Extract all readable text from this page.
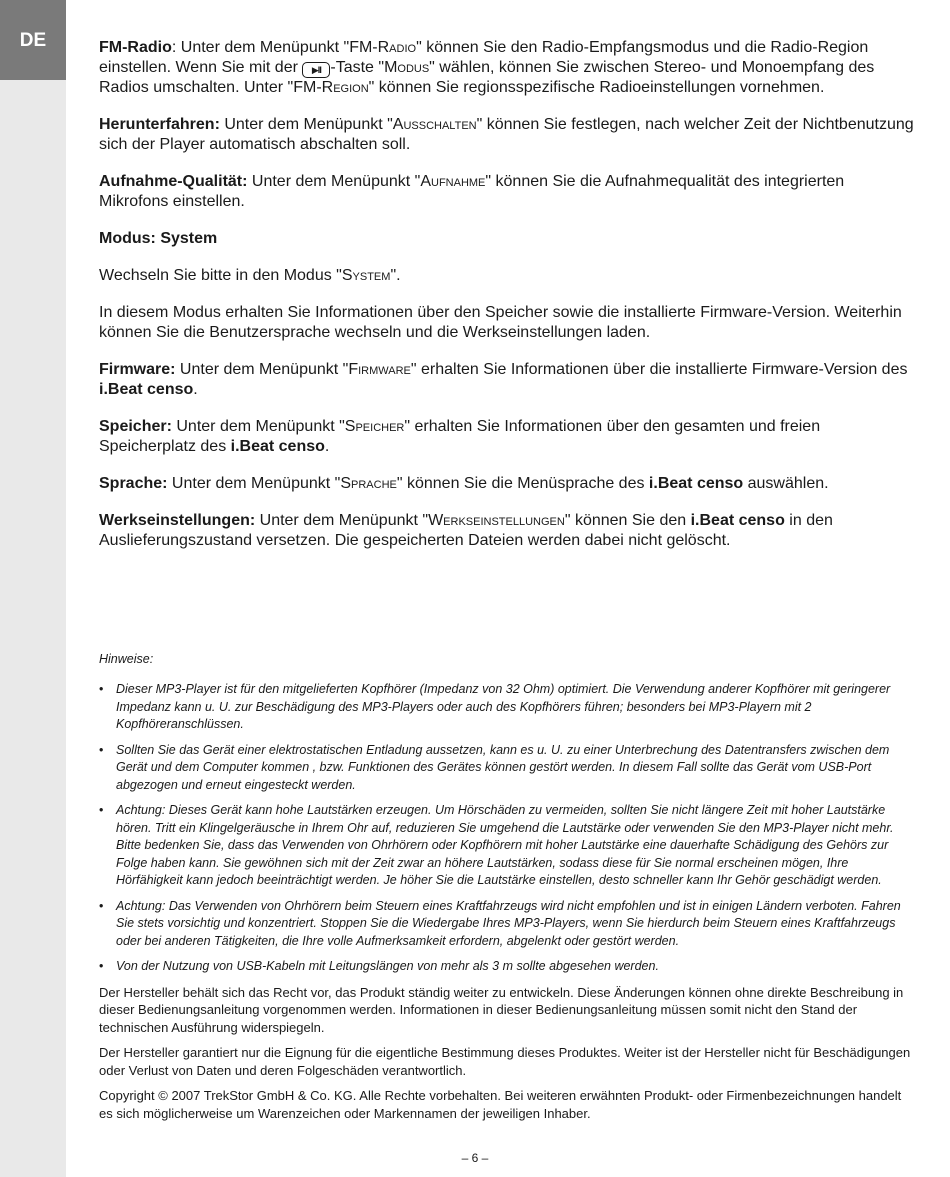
DE	FM-Radio: Unter dem Menüpunkt "FM-Radio" können Sie den Radio-Empfangsmodus und die Radio-Region einstellen. Wenn Sie mit der ▶II -Taste "Modus" wählen, können Sie zwischen Stereo- und Monoempfang des Radios umschalten. Unter "FM-Region" können Sie regionsspezifische Radioeinstellungen vornehmen.

Herunterfahren: Unter dem Menüpunkt "Ausschalten" können Sie festlegen, nach welcher Zeit der Nichtbenutzung sich der Player automatisch abschalten soll.

Aufnahme-Qualität: Unter dem Menüpunkt "Aufnahme" können Sie die Aufnahmequalität des integrierten Mikrofons einstellen.

Modus: System

Wechseln Sie bitte in den Modus "System".

In diesem Modus erhalten Sie Informationen über den Speicher sowie die installierte Firmware-Version. Weiterhin können Sie die Benutzersprache wechseln und die Werkseinstellungen laden.

Firmware: Unter dem Menüpunkt "Firmware" erhalten Sie Informationen über die installierte Firmware-Version des i.Beat censo.

Speicher: Unter dem Menüpunkt "Speicher" erhalten Sie Informationen über den gesamten und freien Speicherplatz des i.Beat censo.

Sprache: Unter dem Menüpunkt "Sprache" können Sie die Menüsprache des i.Beat censo auswählen.

Werkseinstellungen: Unter dem Menüpunkt "Werkseinstellungen" können Sie den i.Beat censo in den Auslieferungszustand versetzen. Die gespeicherten Dateien werden dabei nicht gelöscht.

Hinweise:

• Dieser MP3-Player ist für den mitgelieferten Kopfhörer (Impedanz von 32 Ohm) optimiert. Die Verwendung anderer Kopfhörer mit geringerer Impedanz kann u. U. zur Beschädigung des MP3-Players oder auch des Kopfhörers führen; besonders bei MP3-Playern mit 2 Kopfhöreranschlüssen.
• Sollten Sie das Gerät einer elektrostatischen Entladung aussetzen, kann es u. U. zu einer Unterbrechung des Datentransfers zwischen dem Gerät und dem Computer kommen , bzw. Funktionen des Gerätes können gestört werden. In diesem Fall sollte das Gerät vom USB-Port abgezogen und erneut eingesteckt werden.
• Achtung: Dieses Gerät kann hohe Lautstärken erzeugen. Um Hörschäden zu vermeiden, sollten Sie nicht längere Zeit mit hoher Lautstärke hören. Tritt ein Klingelgeräusche in Ihrem Ohr auf, reduzieren Sie umgehend die Lautstärke oder verwenden Sie den MP3-Player nicht mehr. Bitte bedenken Sie, dass das Verwenden von Ohrhörern oder Kopfhörern mit hoher Lautstärke eine dauerhafte Schädigung des Gehörs zur Folge haben kann. Sie gewöhnen sich mit der Zeit zwar an höhere Lautstärken, sodass diese für Sie normal erscheinen mögen, Ihre Hörfähigkeit kann jedoch beeinträchtigt werden. Je höher Sie die Lautstärke einstellen, desto schneller kann Ihr Gehör geschädigt werden.
• Achtung: Das Verwenden von Ohrhörern beim Steuern eines Kraftfahrzeugs wird nicht empfohlen und ist in einigen Ländern verboten. Fahren Sie stets vorsichtig und konzentriert. Stoppen Sie die Wiedergabe Ihres MP3-Players, wenn Sie hierdurch beim Steuern eines Kraftfahrzeugs oder bei anderen Tätigkeiten, die Ihre volle Aufmerksamkeit erfordern, abgelenkt oder gestört werden.
• Von der Nutzung von USB-Kabeln mit Leitungslängen von mehr als 3 m sollte abgesehen werden.

Der Hersteller behält sich das Recht vor, das Produkt ständig weiter zu entwickeln. Diese Änderungen können ohne direkte Beschreibung in dieser Bedienungsanleitung vorgenommen werden. Informationen in dieser Bedienungsanleitung müssen somit nicht den Stand der technischen Ausführung widerspiegeln.

Der Hersteller garantiert nur die Eignung für die eigentliche Bestimmung dieses Produktes. Weiter ist der Hersteller nicht für Beschädigungen oder Verlust von Daten und deren Folgeschäden verantwortlich.

Copyright © 2007 TrekStor GmbH & Co. KG. Alle Rechte vorbehalten. Bei weiteren erwähnten Produkt- oder Firmenbezeichnungen handelt es sich möglicherweise um Warenzeichen oder Markennamen der jeweiligen Inhaber.

– 6 –
